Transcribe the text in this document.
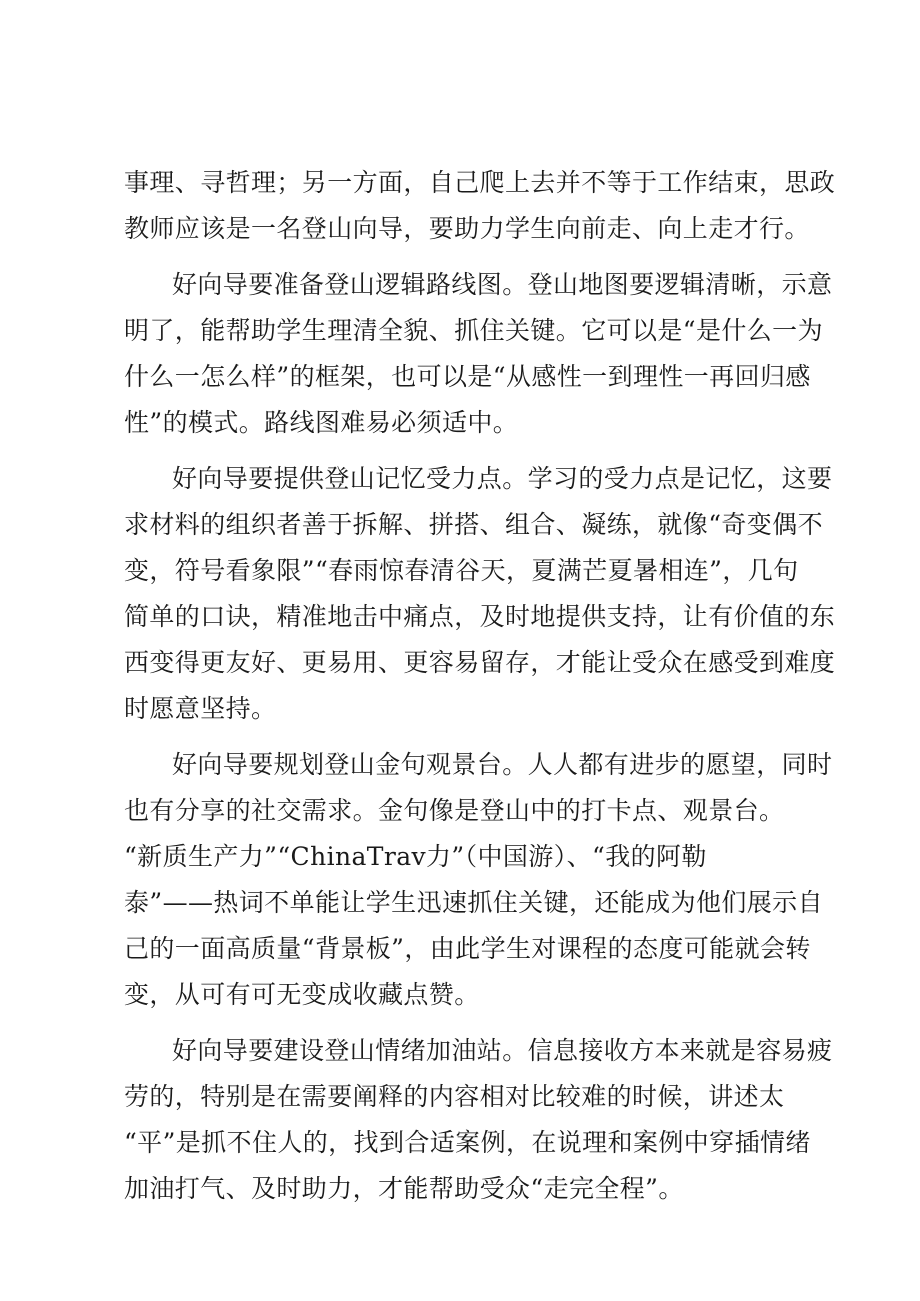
事理、寻哲理；另一方面，自己爬上去并不等于工作结束，思政
教师应该是一名登山向导，要助力学生向前走、向上走才行。
好向导要准备登山逻辑路线图。登山地图要逻辑清晰，示意
明了，能帮助学生理清全貌、抓住关键。它可以是“是什么一为
什么一怎么样”的框架，也可以是“从感性一到理性一再回归感
性”的模式。路线图难易必须适中。
好向导要提供登山记忆受力点。学习的受力点是记忆，这要
求材料的组织者善于拆解、拼搭、组合、凝练，就像“奇变偶不
变，符号看象限”“春雨惊春清谷天，夏满芒夏暑相连”，几句
简单的口诀，精准地击中痛点，及时地提供支持，让有价值的东
西变得更友好、更易用、更容易留存，才能让受众在感受到难度
时愿意坚持。
好向导要规划登山金句观景台。人人都有进步的愿望，同时
也有分享的社交需求。金句像是登山中的打卡点、观景台。
“新质生产力”“ChinaTrav力”（中国游）、“我的阿勒
泰”——热词不单能让学生迅速抓住关键，还能成为他们展示自
己的一面高质量“背景板”，由此学生对课程的态度可能就会转
变，从可有可无变成收藏点赞。
好向导要建设登山情绪加油站。信息接收方本来就是容易疲
劳的，特别是在需要阐释的内容相对比较难的时候，讲述太
“平”是抓不住人的，找到合适案例，在说理和案例中穿插情绪
加油打气、及时助力，才能帮助受众“走完全程”。
